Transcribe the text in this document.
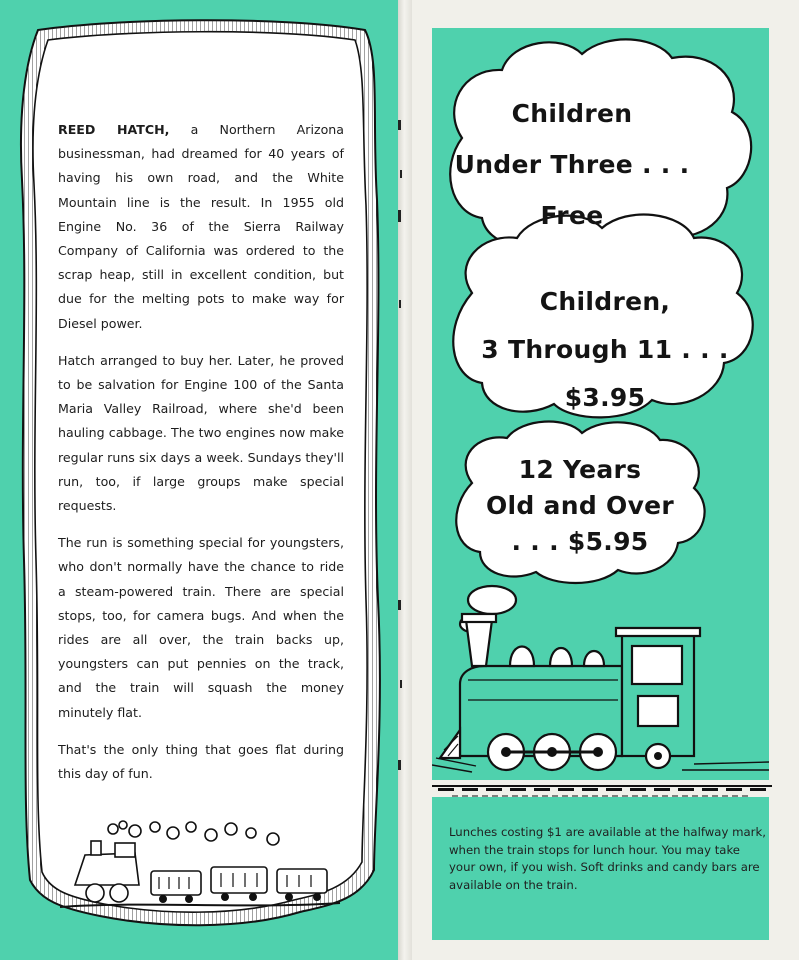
REED HATCH, a Northern Arizona businessman, had dreamed for 40 years of having his own road, and the White Mountain line is the result. In 1955 old Engine No. 36 of the Sierra Railway Company of California was ordered to the scrap heap, still in excellent condition, but due for the melting pots to make way for Diesel power.

Hatch arranged to buy her. Later, he proved to be salvation for Engine 100 of the Santa Maria Valley Railroad, where she'd been hauling cabbage. The two engines now make regular runs six days a week. Sundays they'll run, too, if large groups make special requests.

The run is something special for youngsters, who don't normally have the chance to ride a steam-powered train. There are special stops, too, for camera bugs. And when the rides are all over, the train backs up, youngsters can put pennies on the track, and the train will squash the money minutely flat.

That's the only thing that goes flat during this day of fun.

Children
Under Three . . .
Free
Children,
3 Through 11 . . .
$3.95
12 Years
Old and Over
. . . $5.95
Lunches costing $1 are available at the halfway mark, when the train stops for lunch hour. You may take your own, if you wish. Soft drinks and candy bars are available on the train.
